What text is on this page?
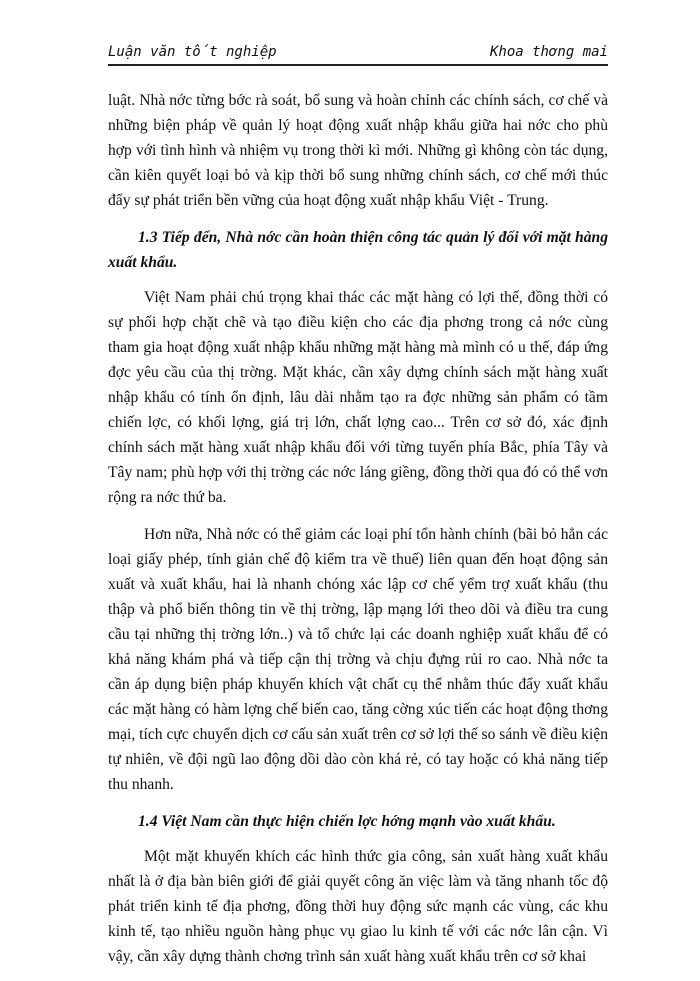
Luận văn tốt nghiệp	Khoa thơng mai

luật. Nhà nớc từng bớc rà soát, bổ sung và hoàn chỉnh các chính sách, cơ chế và những biện pháp về quản lý hoạt động xuất nhập khẩu giữa hai nớc cho phù hợp với tình hình và nhiệm vụ trong thời kì mới. Những gì không còn tác dụng, cần kiên quyết loại bỏ và kịp thời bổ sung những chính sách, cơ chế mới thúc đẩy sự phát triển bền vững của hoạt động xuất nhập khẩu Việt - Trung.

1.3 Tiếp đến, Nhà nớc cần hoàn thiện công tác quản lý đối với mặt hàng xuất khẩu.

Việt Nam phải chú trọng khai thác các mặt hàng có lợi thế, đồng thời có sự phối hợp chặt chẽ và tạo điều kiện cho các địa phơng trong cả nớc cùng tham gia hoạt động xuất nhập khẩu những mặt hàng mà mình có u thế, đáp ứng đợc yêu cầu của thị trờng. Mặt khác, cần xây dựng chính sách mặt hàng xuất nhập khẩu có tính ổn định, lâu dài nhằm tạo ra đợc những sản phẩm có tầm chiến lợc, có khối lợng, giá trị lớn, chất lợng cao... Trên cơ sở đó, xác định chính sách mặt hàng xuất nhập khẩu đối với từng tuyến phía Bắc, phía Tây và Tây nam; phù hợp với thị trờng các nớc láng giềng, đồng thời qua đó có thể vơn rộng ra nớc thứ ba.

Hơn nữa, Nhà nớc có thể giảm các loại phí tổn hành chính (bãi bỏ hẳn các loại giấy phép, tính giản chế độ kiểm tra về thuế) liên quan đến hoạt động sản xuất và xuất khẩu, hai là nhanh chóng xác lập cơ chế yểm trợ xuất khẩu (thu thập và phổ biến thông tin về thị trờng, lập mạng lới theo dõi và điều tra cung cầu tại những thị trờng lớn..) và tổ chức lại các doanh nghiệp xuất khẩu để có khả năng khám phá và tiếp cận thị trờng và chịu đựng rủi ro cao. Nhà nớc ta cần áp dụng biện pháp khuyến khích vật chất cụ thể nhằm thúc đẩy xuất khẩu các mặt hàng có hàm lợng chế biến cao, tăng cờng xúc tiến các hoạt động thơng mại, tích cực chuyển dịch cơ cấu sản xuất trên cơ sở lợi thế so sánh về điều kiện tự nhiên, về đội ngũ lao động dồi dào còn khá rẻ, có tay hoặc có khả năng tiếp thu nhanh.

1.4 Việt Nam cần thực hiện chiến lợc hớng mạnh vào xuất khẩu.

Một mặt khuyến khích các hình thức gia công, sản xuất hàng xuất khẩu nhất là ở địa bàn biên giới để giải quyết công ăn việc làm và tăng nhanh tốc độ phát triển kinh tế địa phơng, đồng thời huy động sức mạnh các vùng, các khu kinh tế, tạo nhiều nguồn hàng phục vụ giao lu kinh tế với các nớc lân cận. Vì vậy, cần xây dựng thành chơng trình sản xuất hàng xuất khẩu trên cơ sở khai
